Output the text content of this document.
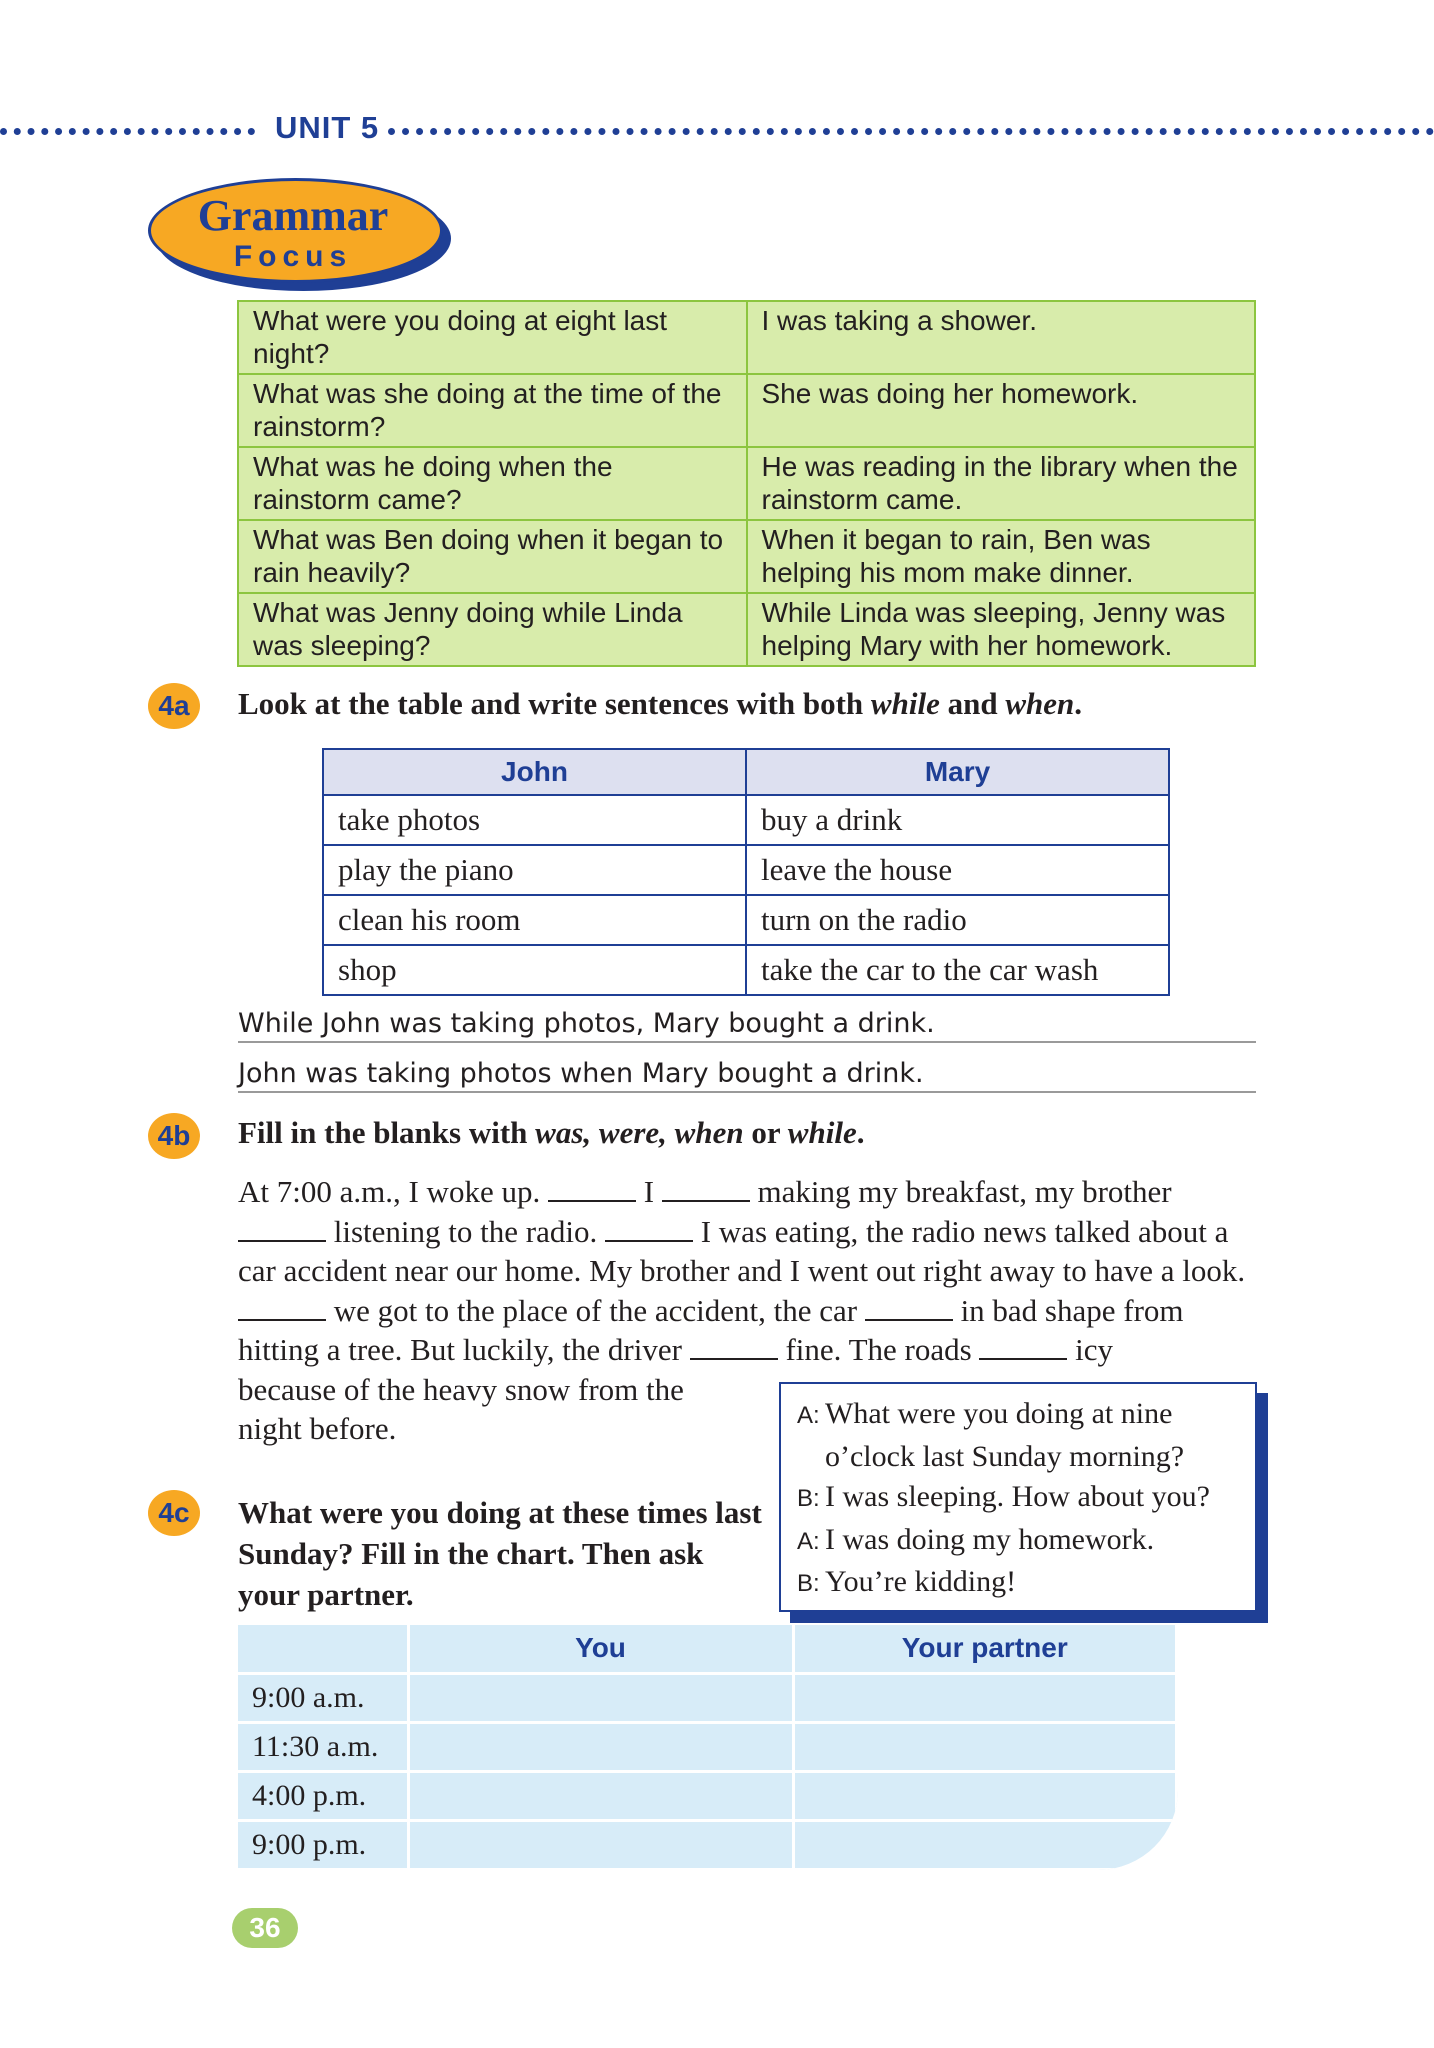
UNIT 5
Grammar
Focus
What were you doing at eight last night?	I was taking a shower.
What was she doing at the time of the rainstorm?	She was doing her homework.
What was he doing when the rainstorm came?	He was reading in the library when the rainstorm came.
What was Ben doing when it began to rain heavily?	When it began to rain, Ben was helping his mom make dinner.
What was Jenny doing while Linda was sleeping?	While Linda was sleeping, Jenny was helping Mary with her homework.
4a	Look at the table and write sentences with both while and when.
John	Mary
take photos	buy a drink
play the piano	leave the house
clean his room	turn on the radio
shop	take the car to the car wash
While John was taking photos, Mary bought a drink.
John was taking photos when Mary bought a drink.
4b	Fill in the blanks with was, were, when or while.
At 7:00 a.m., I woke up.	I	making my breakfast, my brother  listening to the radio.	I was eating, the radio news talked about a car accident near our home. My brother and I went out right away to have a look.  we got to the place of the accident, the car	in bad shape from hitting a tree. But luckily, the driver	fine. The roads	icy
because of the heavy snow from the
night before.	A: What were you doing at nine
o’clock last Sunday morning?
B: I was sleeping. How about you?
A: I was doing my homework.
B: You’re kidding!
4c	What were you doing at these times last Sunday? Fill in the chart. Then ask your partner.
	You	Your partner
9:00 a.m.		
11:30 a.m.		
4:00 p.m.		
9:00 p.m.		
36
